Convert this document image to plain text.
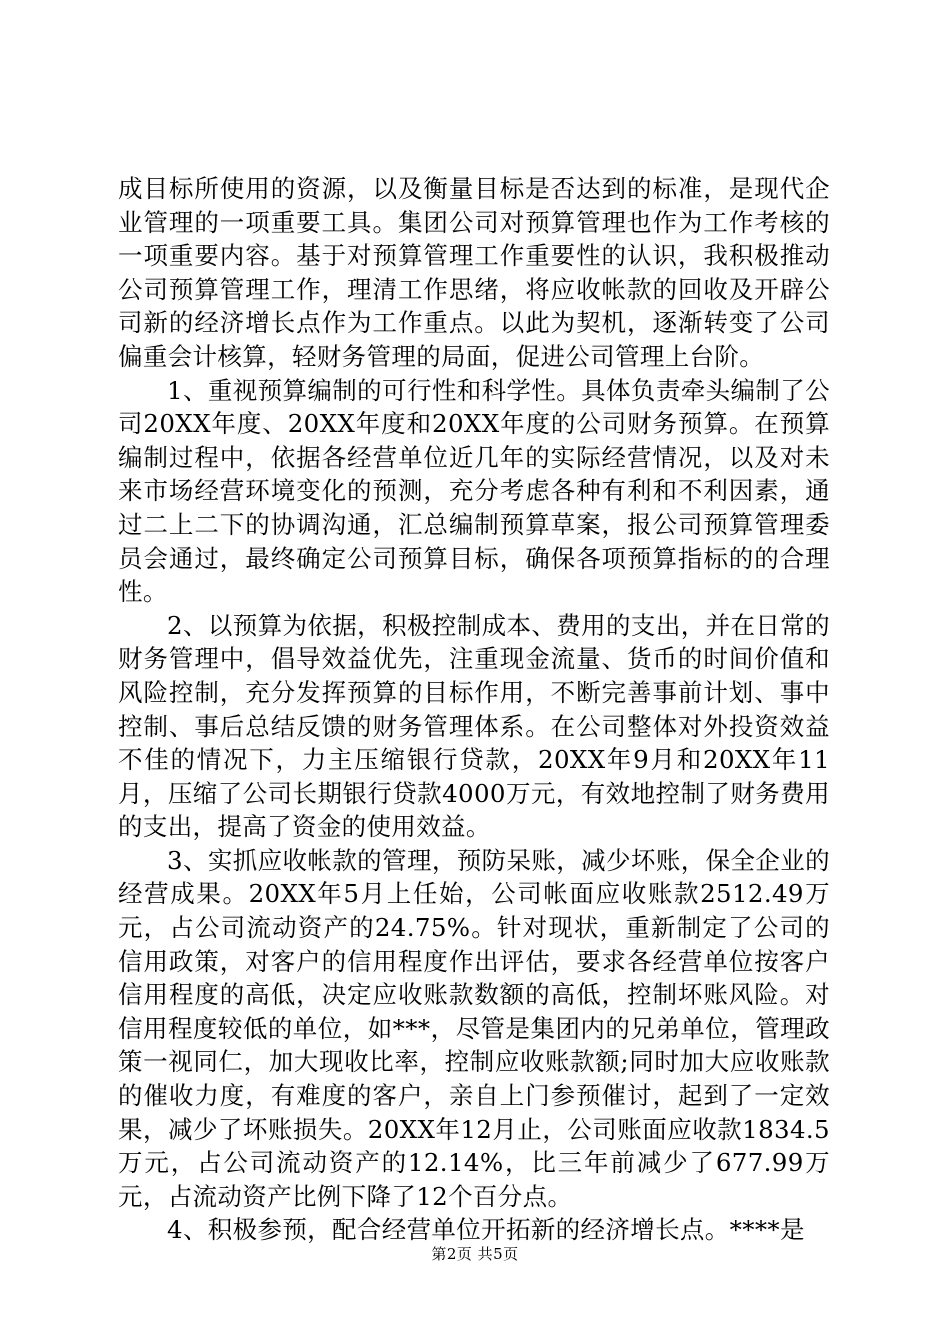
成目标所使用的资源，以及衡量目标是否达到的标准，是现代企业管理的一项重要工具。集团公司对预算管理也作为工作考核的一项重要内容。基于对预算管理工作重要性的认识，我积极推动公司预算管理工作，理清工作思绪，将应收帐款的回收及开辟公司新的经济增长点作为工作重点。以此为契机，逐渐转变了公司偏重会计核算，轻财务管理的局面，促进公司管理上台阶。

1、重视预算编制的可行性和科学性。具体负责牵头编制了公司20XX年度、20XX年度和20XX年度的公司财务预算。在预算编制过程中，依据各经营单位近几年的实际经营情况，以及对未来市场经营环境变化的预测，充分考虑各种有利和不利因素，通过二上二下的协调沟通，汇总编制预算草案，报公司预算管理委员会通过，最终确定公司预算目标，确保各项预算指标的的合理性。

2、以预算为依据，积极控制成本、费用的支出，并在日常的财务管理中，倡导效益优先，注重现金流量、货币的时间价值和风险控制，充分发挥预算的目标作用，不断完善事前计划、事中控制、事后总结反馈的财务管理体系。在公司整体对外投资效益不佳的情况下，力主压缩银行贷款，20XX年9月和20XX年11月，压缩了公司长期银行贷款4000万元，有效地控制了财务费用的支出，提高了资金的使用效益。

3、实抓应收帐款的管理，预防呆账，减少坏账，保全企业的经营成果。20XX年5月上任始，公司帐面应收账款2512.49万元，占公司流动资产的24.75%。针对现状，重新制定了公司的信用政策，对客户的信用程度作出评估，要求各经营单位按客户信用程度的高低，决定应收账款数额的高低，控制坏账风险。对信用程度较低的单位，如***，尽管是集团内的兄弟单位，管理政策一视同仁，加大现收比率，控制应收账款额;同时加大应收账款的催收力度，有难度的客户，亲自上门参预催讨，起到了一定效果，减少了坏账损失。20XX年12月止，公司账面应收款1834.5万元，占公司流动资产的12.14%，比三年前减少了677.99万元，占流动资产比例下降了12个百分点。

4、积极参预，配合经营单位开拓新的经济增长点。****是

第2页 共5页
